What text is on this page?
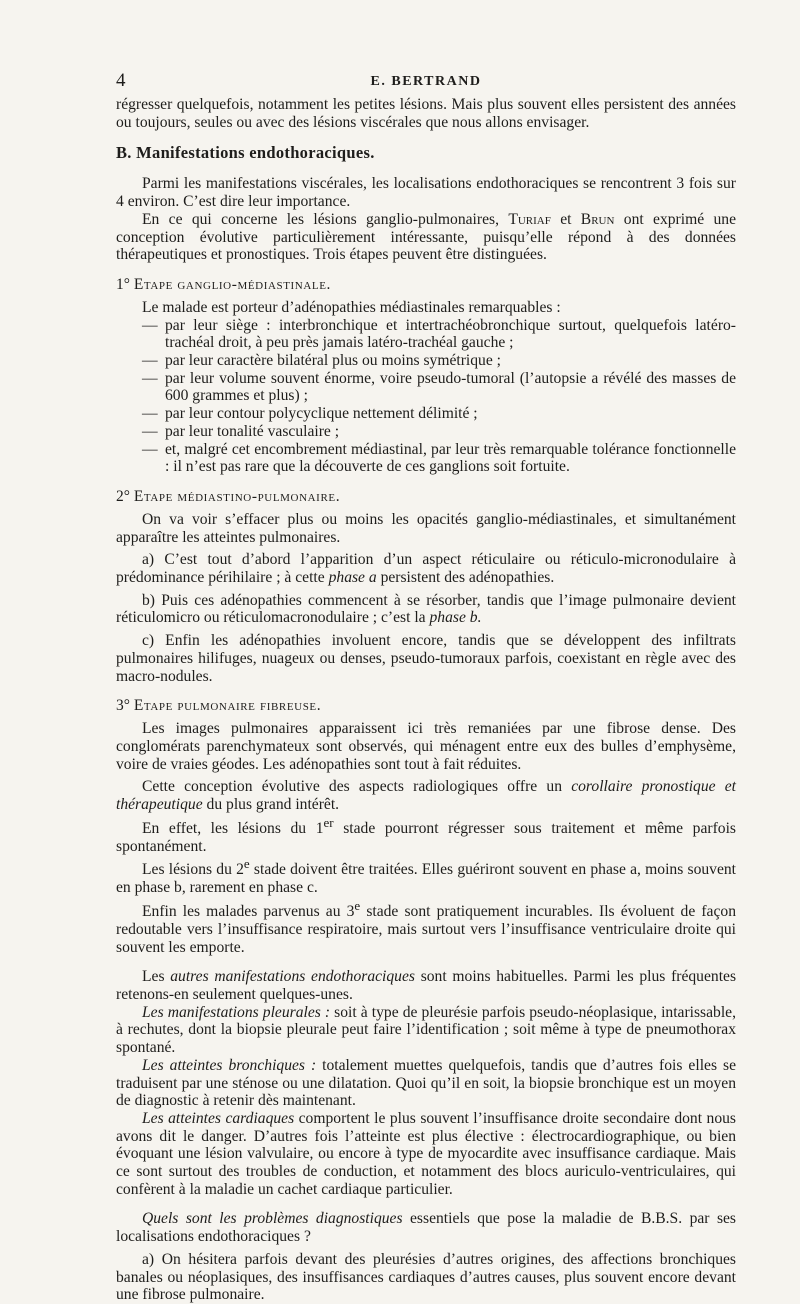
4	E. BERTRAND

régresser quelquefois, notamment les petites lésions. Mais plus souvent elles persistent des années ou toujours, seules ou avec des lésions viscérales que nous allons envisager.

B. Manifestations endothoraciques.

Parmi les manifestations viscérales, les localisations endothoraciques se rencontrent 3 fois sur 4 environ. C’est dire leur importance.

En ce qui concerne les lésions ganglio-pulmonaires, Turiaf et Brun ont exprimé une conception évolutive particulièrement intéressante, puisqu’elle répond à des données thérapeutiques et pronostiques. Trois étapes peuvent être distinguées.

1° Etape ganglio-médiastinale.

Le malade est porteur d’adénopathies médiastinales remarquables :

— par leur siège : interbronchique et intertrachéobronchique surtout, quelquefois latéro-trachéal droit, à peu près jamais latéro-trachéal gauche ;
— par leur caractère bilatéral plus ou moins symétrique ;
— par leur volume souvent énorme, voire pseudo-tumoral (l’autopsie a révélé des masses de 600 grammes et plus) ;
— par leur contour polycyclique nettement délimité ;
— par leur tonalité vasculaire ;
— et, malgré cet encombrement médiastinal, par leur très remarquable tolérance fonctionnelle : il n’est pas rare que la découverte de ces ganglions soit fortuite.
2° Etape médiastino-pulmonaire.

On va voir s’effacer plus ou moins les opacités ganglio-médiastinales, et simultanément apparaître les atteintes pulmonaires.

a) C’est tout d’abord l’apparition d’un aspect réticulaire ou réticulo-micronodulaire à prédominance périhilaire ; à cette phase a persistent des adénopathies.

b) Puis ces adénopathies commencent à se résorber, tandis que l’image pulmonaire devient réticulomicro ou réticulomacronodulaire ; c’est la phase b.

c) Enfin les adénopathies involuent encore, tandis que se développent des infiltrats pulmonaires hilifuges, nuageux ou denses, pseudo-tumoraux parfois, coexistant en règle avec des macro-nodules.

3° Etape pulmonaire fibreuse.

Les images pulmonaires apparaissent ici très remaniées par une fibrose dense. Des conglomérats parenchymateux sont observés, qui ménagent entre eux des bulles d’emphysème, voire de vraies géodes. Les adénopathies sont tout à fait réduites.

Cette conception évolutive des aspects radiologiques offre un corollaire pronostique et thérapeutique du plus grand intérêt.

En effet, les lésions du 1er stade pourront régresser sous traitement et même parfois spontanément.

Les lésions du 2e stade doivent être traitées. Elles guériront souvent en phase a, moins souvent en phase b, rarement en phase c.

Enfin les malades parvenus au 3e stade sont pratiquement incurables. Ils évoluent de façon redoutable vers l’insuffisance respiratoire, mais surtout vers l’insuffisance ventriculaire droite qui souvent les emporte.

Les autres manifestations endothoraciques sont moins habituelles. Parmi les plus fréquentes retenons-en seulement quelques-unes.

Les manifestations pleurales : soit à type de pleurésie parfois pseudo-néoplasique, intarissable, à rechutes, dont la biopsie pleurale peut faire l’identification ; soit même à type de pneumothorax spontané.

Les atteintes bronchiques : totalement muettes quelquefois, tandis que d’autres fois elles se traduisent par une sténose ou une dilatation. Quoi qu’il en soit, la biopsie bronchique est un moyen de diagnostic à retenir dès maintenant.

Les atteintes cardiaques comportent le plus souvent l’insuffisance droite secondaire dont nous avons dit le danger. D’autres fois l’atteinte est plus élective : électrocardiographique, ou bien évoquant une lésion valvulaire, ou encore à type de myocardite avec insuffisance cardiaque. Mais ce sont surtout des troubles de conduction, et notamment des blocs auriculo-ventriculaires, qui confèrent à la maladie un cachet cardiaque particulier.

Quels sont les problèmes diagnostiques essentiels que pose la maladie de B.B.S. par ses localisations endothoraciques ?

a) On hésitera parfois devant des pleurésies d’autres origines, des affections bronchiques banales ou néoplasiques, des insuffisances cardiaques d’autres causes, plus souvent encore devant une fibrose pulmonaire.
